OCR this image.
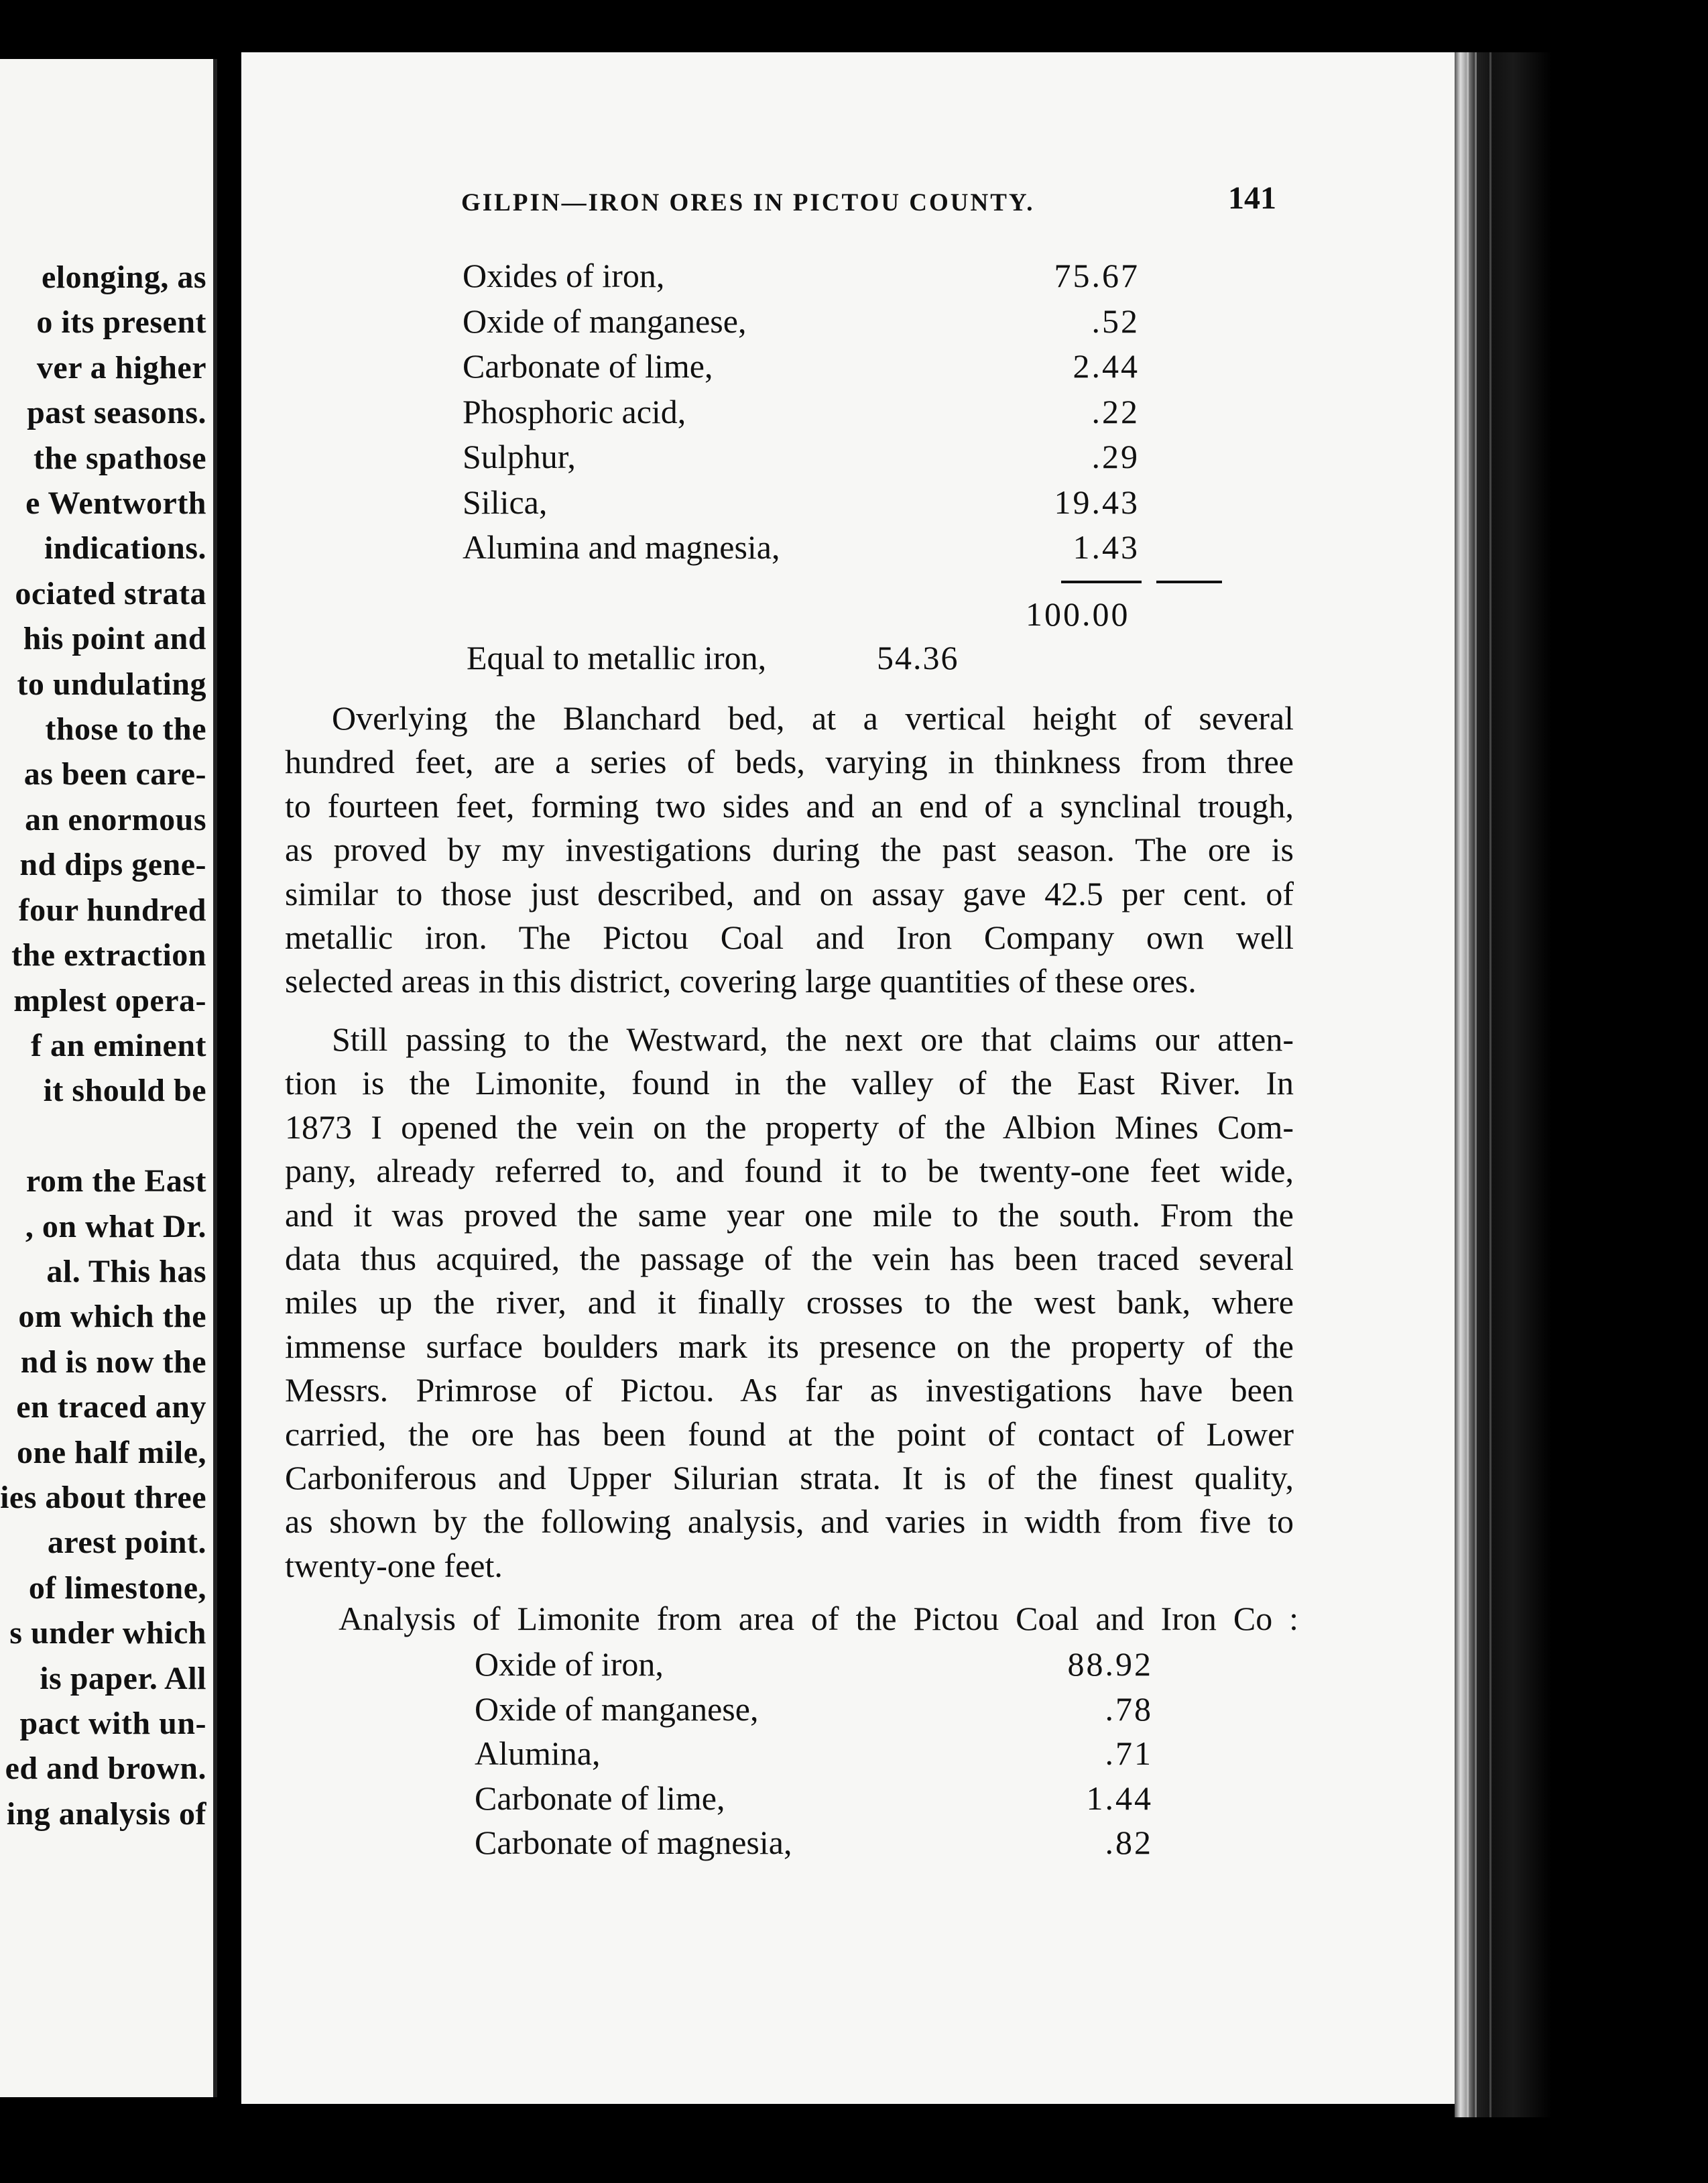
elonging, as
o its present
ver a higher
past seasons.
the spathose
e Wentworth
indications.
ociated strata
his point and
to undulating
those to the
as been care-
an enormous
nd dips gene-
four hundred
the extraction
mplest opera-
f an eminent
it should be
rom the East
, on what Dr.
al. This has
om which the
nd is now the
en traced any
one half mile,
ies about three
arest point.
of limestone,
s under which
is paper. All
pact with un-
ed and brown.
ing analysis of
GILPIN—IRON ORES IN PICTOU COUNTY.	141
Oxides of iron,	75.67
Oxide of manganese,	.52
Carbonate of lime,	2.44
Phosphoric acid,	.22
Sulphur,	.29
Silica,	19.43
Alumina and magnesia,	1.43
100.00
Equal to metallic iron,	54.36
Overlying the Blanchard bed, at a vertical height of several
hundred feet, are a series of beds, varying in thinkness from three
to fourteen feet, forming two sides and an end of a synclinal trough,
as proved by my investigations during the past season. The ore is
similar to those just described, and on assay gave 42.5 per cent. of
metallic iron. The Pictou Coal and Iron Company own well
selected areas in this district, covering large quantities of these ores.
Still passing to the Westward, the next ore that claims our atten-
tion is the Limonite, found in the valley of the East River. In
1873 I opened the vein on the property of the Albion Mines Com-
pany, already referred to, and found it to be twenty-one feet wide,
and it was proved the same year one mile to the south. From the
data thus acquired, the passage of the vein has been traced several
miles up the river, and it finally crosses to the west bank, where
immense surface boulders mark its presence on the property of the
Messrs. Primrose of Pictou. As far as investigations have been
carried, the ore has been found at the point of contact of Lower
Carboniferous and Upper Silurian strata. It is of the finest quality,
as shown by the following analysis, and varies in width from five to
twenty-one feet.
Analysis of Limonite from area of the Pictou Coal and Iron Co :
Oxide of iron,	88.92
Oxide of manganese,	.78
Alumina,	.71
Carbonate of lime,	1.44
Carbonate of magnesia,	.82
